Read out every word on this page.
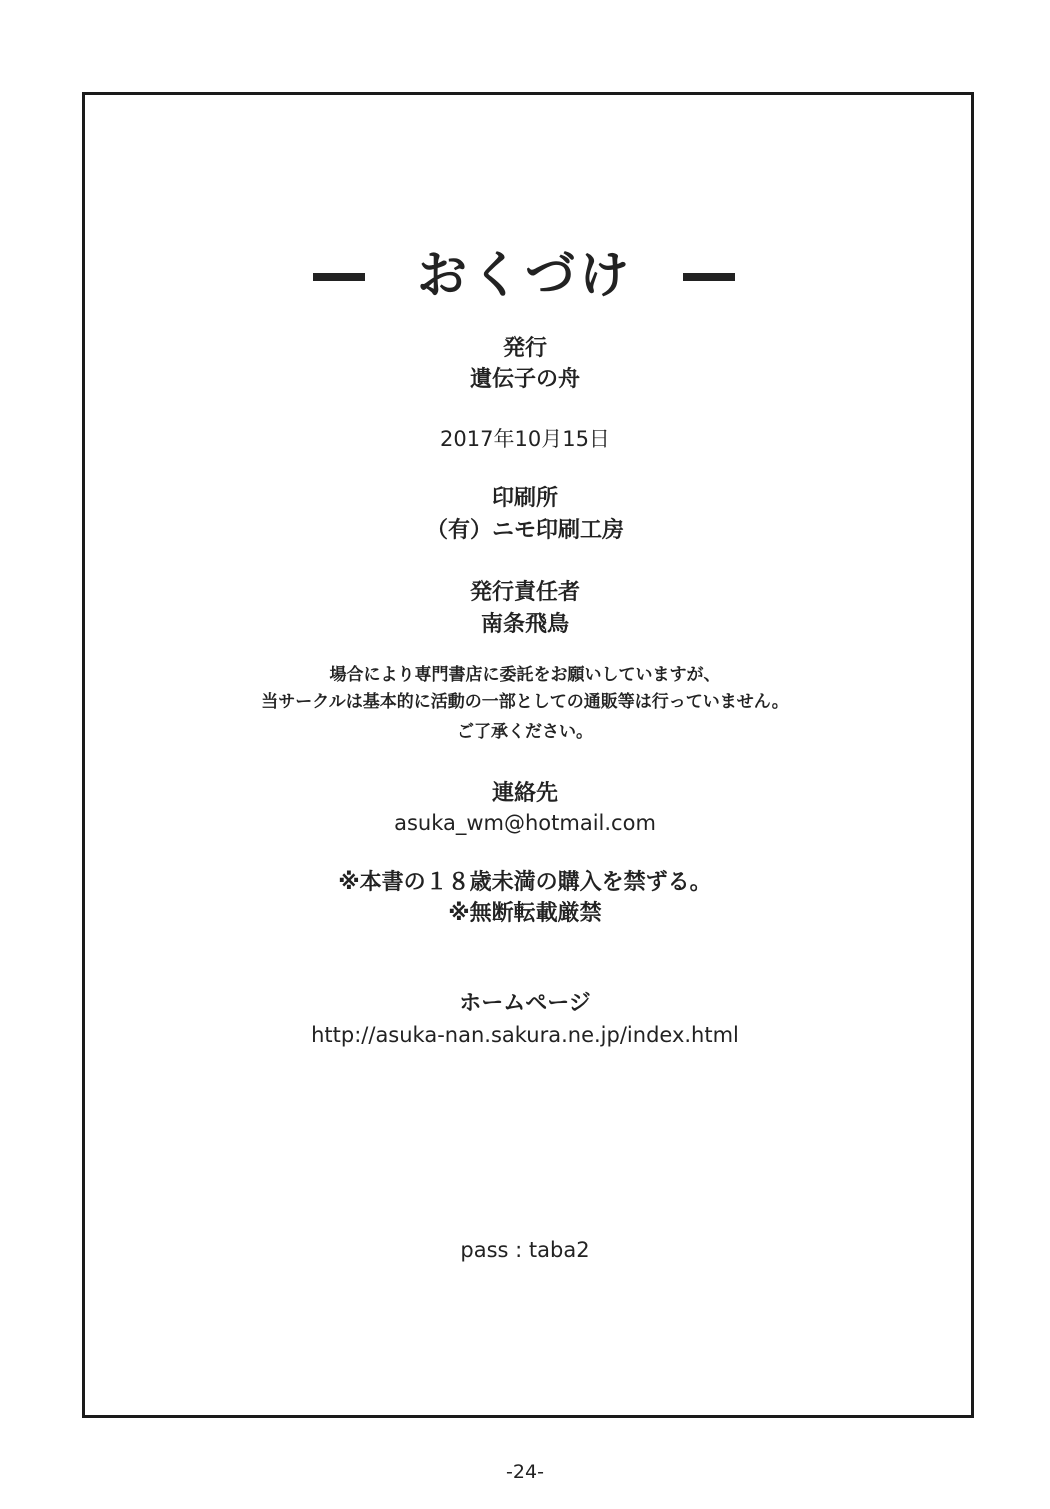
おくづけ
発行
遺伝子の舟
2017年10月15日
印刷所
（有）ニモ印刷工房
発行責任者
南条飛鳥
場合により専門書店に委託をお願いしていますが、
当サークルは基本的に活動の一部としての通販等は行っていません。
ご了承ください。
連絡先
asuka_wm@hotmail.com
※本書の１８歳未満の購入を禁ずる。
※無断転載厳禁
ホームページ
http://asuka-nan.sakura.ne.jp/index.html
pass : taba2
-24-
